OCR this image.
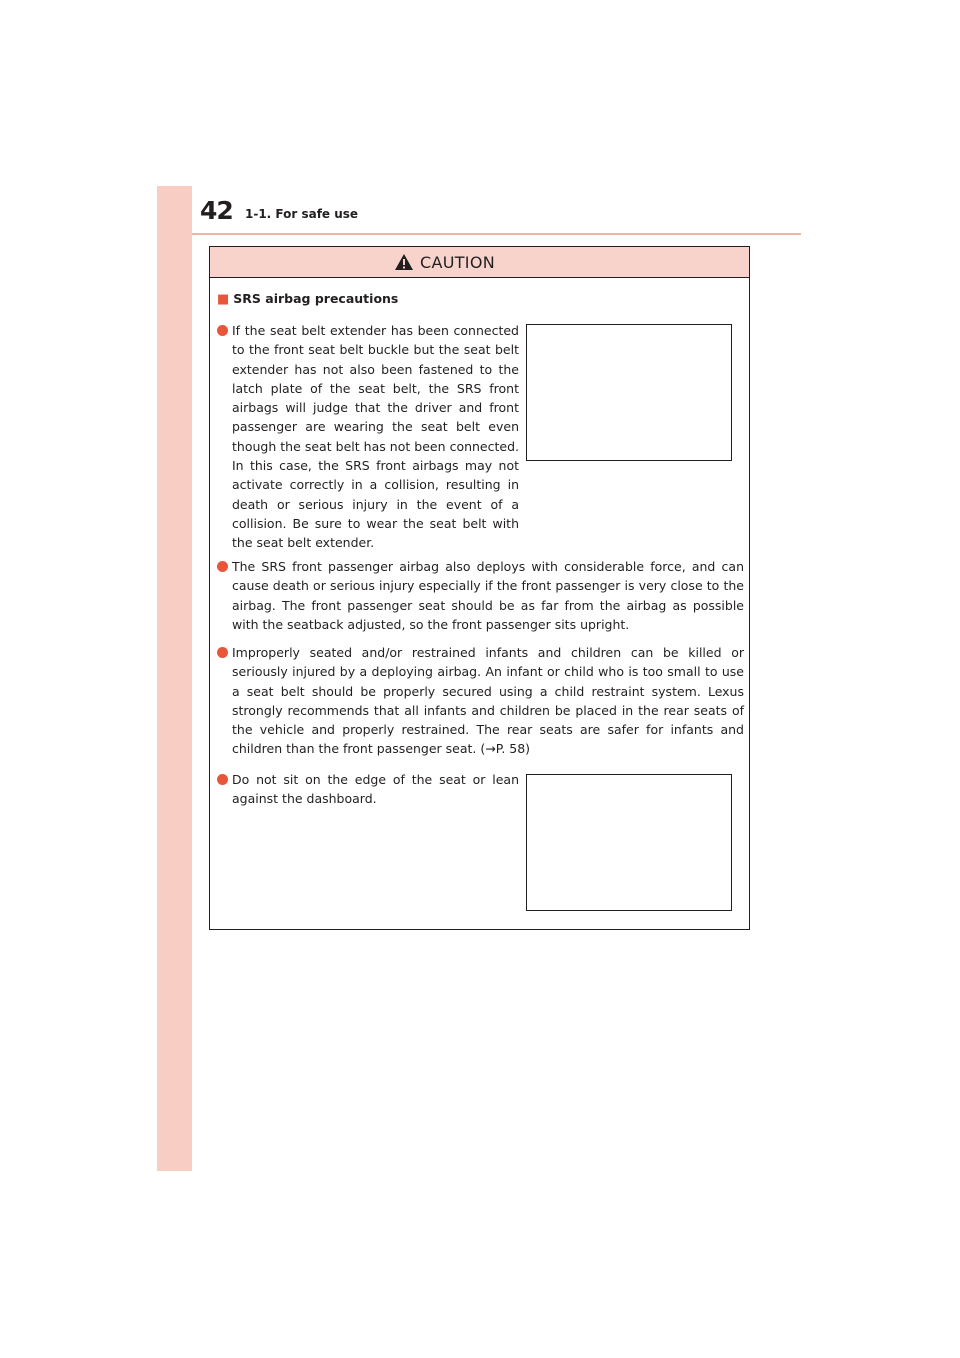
42 1-1. For safe use
CAUTION
■ SRS airbag precautions
If the seat belt extender has been connected to the front seat belt buckle but the seat belt extender has not also been fastened to the latch plate of the seat belt, the SRS front airbags will judge that the driver and front passenger are wearing the seat belt even though the seat belt has not been connected. In this case, the SRS front airbags may not activate correctly in a collision, resulting in death or serious injury in the event of a collision. Be sure to wear the seat belt with the seat belt extender.
The SRS front passenger airbag also deploys with considerable force, and can cause death or serious injury especially if the front passenger is very close to the airbag. The front passenger seat should be as far from the airbag as possible with the seatback adjusted, so the front passenger sits upright.
Improperly seated and/or restrained infants and children can be killed or seriously injured by a deploying airbag. An infant or child who is too small to use a seat belt should be properly secured using a child restraint system. Lexus strongly recommends that all infants and children be placed in the rear seats of the vehicle and properly restrained. The rear seats are safer for infants and children than the front passenger seat. (→P. 58)
Do not sit on the edge of the seat or lean against the dashboard.
